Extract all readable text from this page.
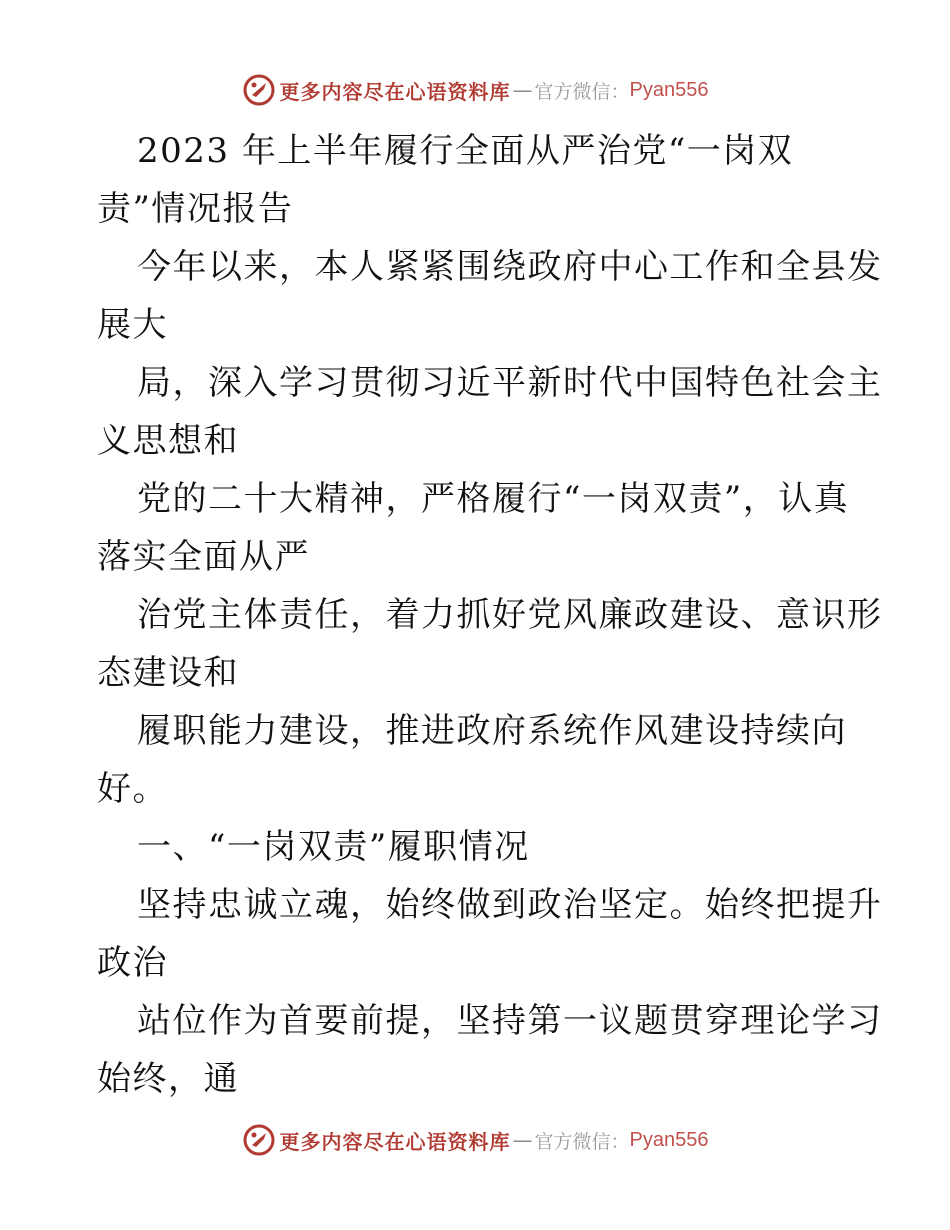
更多内容尽在心语资料库 — 官方微信： Pyan556
2023 年上半年履行全面从严治党“一岗双
责”情况报告
今年以来，本人紧紧围绕政府中心工作和全县发
展大
局，深入学习贯彻习近平新时代中国特色社会主
义思想和
党的二十大精神，严格履行“一岗双责”，认真
落实全面从严
治党主体责任，着力抓好党风廉政建设、意识形
态建设和
履职能力建设，推进政府系统作风建设持续向
好。
一、“一岗双责”履职情况
坚持忠诚立魂，始终做到政治坚定。始终把提升
政治
站位作为首要前提，坚持第一议题贯穿理论学习
始终，通
更多内容尽在心语资料库 — 官方微信： Pyan556
